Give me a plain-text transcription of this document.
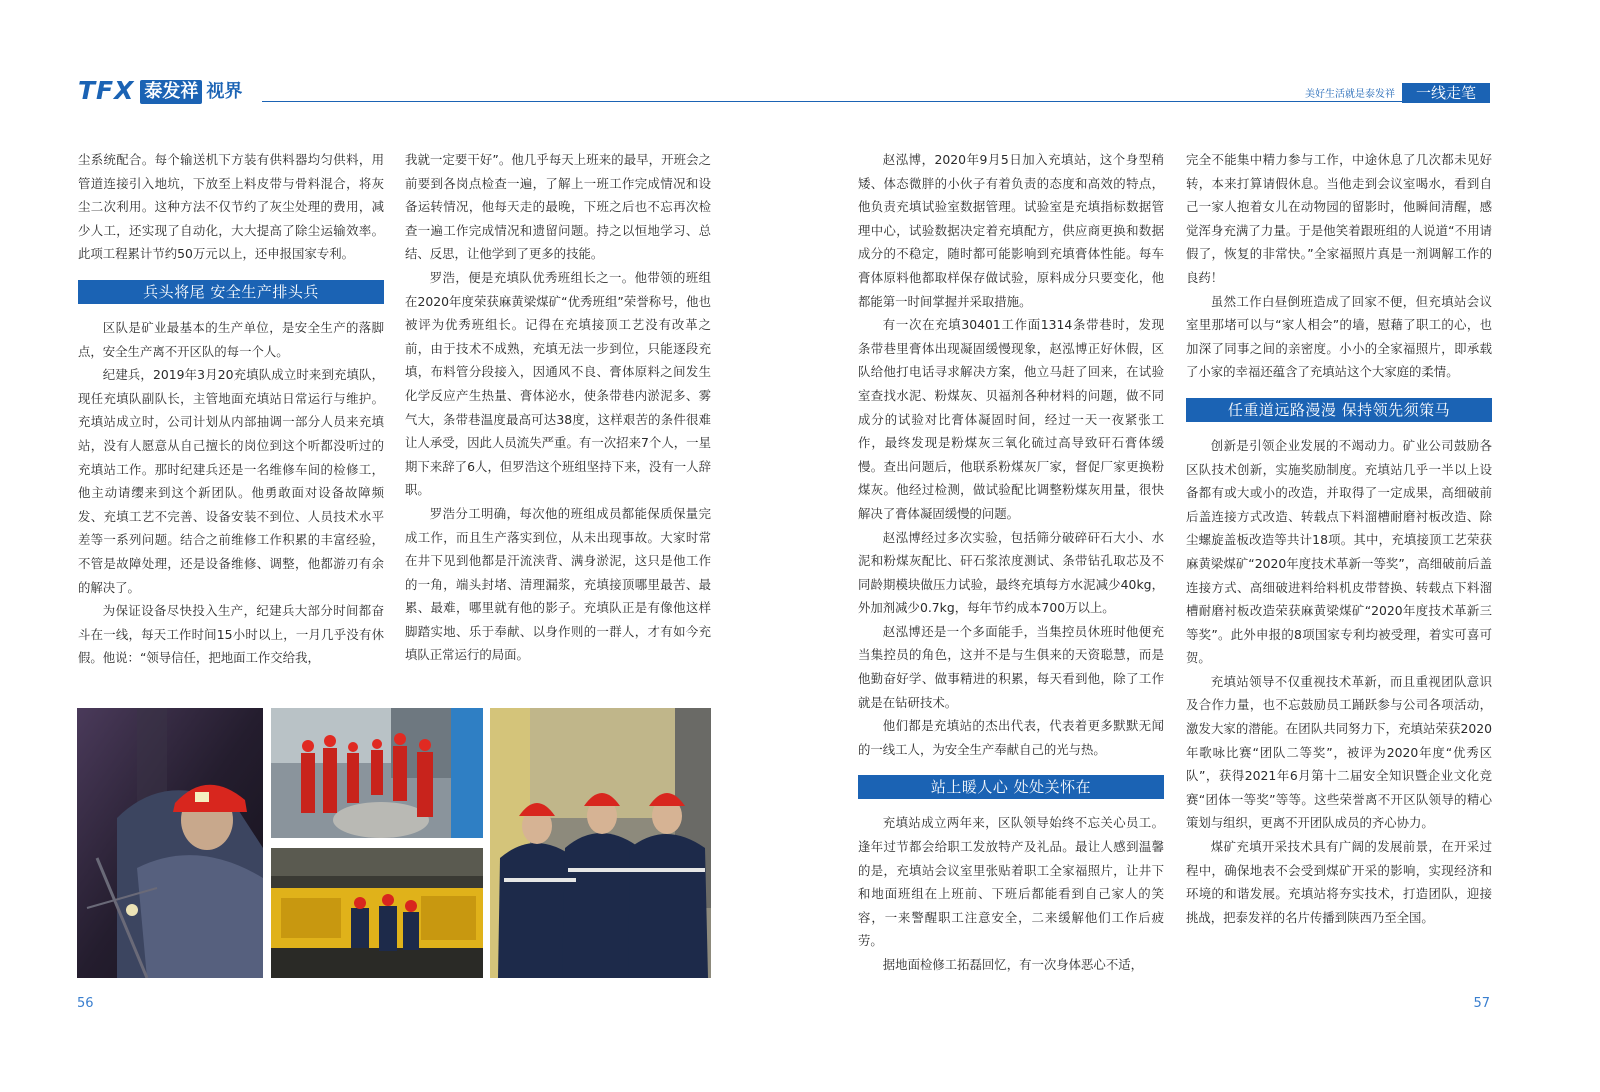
TFX 泰发祥 视界

尘系统配合。每个输送机下方装有供料器均匀供料，用管道连接引入地坑，下放至上料皮带与骨料混合，将灰尘二次利用。这种方法不仅节约了灰尘处理的费用，减少人工，还实现了自动化，大大提高了除尘运输效率。此项工程累计节约50万元以上，还申报国家专利。

兵头将尾 安全生产排头兵

区队是矿业最基本的生产单位，是安全生产的落脚点，安全生产离不开区队的每一个人。

纪建兵，2019年3月20充填队成立时来到充填队，现任充填队副队长，主管地面充填站日常运行与维护。充填站成立时，公司计划从内部抽调一部分人员来充填站，没有人愿意从自己擅长的岗位到这个听都没听过的充填站工作。那时纪建兵还是一名维修车间的检修工，他主动请缨来到这个新团队。他勇敢面对设备故障频发、充填工艺不完善、设备安装不到位、人员技术水平差等一系列问题。结合之前维修工作积累的丰富经验，不管是故障处理，还是设备维修、调整，他都游刃有余的解决了。

为保证设备尽快投入生产，纪建兵大部分时间都奋斗在一线，每天工作时间15小时以上，一月几乎没有休假。他说：“领导信任，把地面工作交给我，

我就一定要干好”。他几乎每天上班来的最早，开班会之前要到各岗点检查一遍，了解上一班工作完成情况和设备运转情况，他每天走的最晚，下班之后也不忘再次检查一遍工作完成情况和遗留问题。持之以恒地学习、总结、反思，让他学到了更多的技能。

罗浩，便是充填队优秀班组长之一。他带领的班组在2020年度荣获麻黄梁煤矿“优秀班组”荣誉称号，他也被评为优秀班组长。记得在充填接顶工艺没有改革之前，由于技术不成熟，充填无法一步到位，只能逐段充填，布料管分段接入，因通风不良、膏体原料之间发生化学反应产生热量、膏体泌水，使条带巷内淤泥多、雾气大，条带巷温度最高可达38度，这样艰苦的条件很难让人承受，因此人员流失严重。有一次招来7个人，一星期下来辞了6人，但罗浩这个班组坚持下来，没有一人辞职。

罗浩分工明确，每次他的班组成员都能保质保量完成工作，而且生产落实到位，从未出现事故。大家时常在井下见到他都是汗流浃背、满身淤泥，这只是他工作的一角，端头封堵、清理漏浆，充填接顶哪里最苦、最累、最难，哪里就有他的影子。充填队正是有像他这样脚踏实地、乐于奉献、以身作则的一群人，才有如今充填队正常运行的局面。

56
美好生活就是泰发祥	一线走笔

赵泓博，2020年9月5日加入充填站，这个身型稍矮、体态微胖的小伙子有着负责的态度和高效的特点，他负责充填试验室数据管理。试验室是充填指标数据管理中心，试验数据决定着充填配方，供应商更换和数据成分的不稳定，随时都可能影响到充填膏体性能。每车膏体原料他都取样保存做试验，原料成分只要变化，他都能第一时间掌握并采取措施。

有一次在充填30401工作面1314条带巷时，发现条带巷里膏体出现凝固缓慢现象，赵泓博正好休假，区队给他打电话寻求解决方案，他立马赶了回来，在试验室查找水泥、粉煤灰、贝福剂各种材料的问题，做不同成分的试验对比膏体凝固时间，经过一天一夜紧张工作，最终发现是粉煤灰三氧化硫过高导致矸石膏体缓慢。查出问题后，他联系粉煤灰厂家，督促厂家更换粉煤灰。他经过检测，做试验配比调整粉煤灰用量，很快解决了膏体凝固缓慢的问题。

赵泓博经过多次实验，包括筛分破碎矸石大小、水泥和粉煤灰配比、矸石浆浓度测试、条带钻孔取芯及不同龄期模块做压力试验，最终充填每方水泥减少40kg，外加剂减少0.7kg，每年节约成本700万以上。

赵泓博还是一个多面能手，当集控员休班时他便充当集控员的角色，这并不是与生俱来的天资聪慧，而是他勤奋好学、做事精进的积累，每天看到他，除了工作就是在钻研技术。

他们都是充填站的杰出代表，代表着更多默默无闻的一线工人，为安全生产奉献自己的光与热。

站上暖人心 处处关怀在

充填站成立两年来，区队领导始终不忘关心员工。逢年过节都会给职工发放特产及礼品。最让人感到温馨的是，充填站会议室里张贴着职工全家福照片，让井下和地面班组在上班前、下班后都能看到自己家人的笑容，一来警醒职工注意安全，二来缓解他们工作后疲劳。

据地面检修工拓磊回忆，有一次身体恶心不适，

完全不能集中精力参与工作，中途休息了几次都未见好转，本来打算请假休息。当他走到会议室喝水，看到自己一家人抱着女儿在动物园的留影时，他瞬间清醒，感觉浑身充满了力量。于是他笑着跟班组的人说道“不用请假了，恢复的非常快。”全家福照片真是一剂调解工作的良药！

虽然工作白昼倒班造成了回家不便，但充填站会议室里那堵可以与“家人相会”的墙，慰藉了职工的心，也加深了同事之间的亲密度。小小的全家福照片，即承载了小家的幸福还蕴含了充填站这个大家庭的柔情。

任重道远路漫漫 保持领先须策马

创新是引领企业发展的不竭动力。矿业公司鼓励各区队技术创新，实施奖励制度。充填站几乎一半以上设备都有或大或小的改造，并取得了一定成果，高细破前后盖连接方式改造、转载点下料溜槽耐磨衬板改造、除尘螺旋盖板改造等共计18项。其中，充填接顶工艺荣获麻黄梁煤矿“2020年度技术革新一等奖”，高细破前后盖连接方式、高细破进料给料机皮带替换、转载点下料溜槽耐磨衬板改造荣获麻黄梁煤矿“2020年度技术革新三等奖”。此外申报的8项国家专利均被受理，着实可喜可贺。

充填站领导不仅重视技术革新，而且重视团队意识及合作力量，也不忘鼓励员工踊跃参与公司各项活动，激发大家的潜能。在团队共同努力下，充填站荣获2020年歌咏比赛“团队二等奖”，被评为2020年度“优秀区队”，获得2021年6月第十二届安全知识暨企业文化竞赛“团体一等奖”等等。这些荣誉离不开区队领导的精心策划与组织，更离不开团队成员的齐心协力。

煤矿充填开采技术具有广阔的发展前景，在开采过程中，确保地表不会受到煤矿开采的影响，实现经济和环境的和谐发展。充填站将夯实技术，打造团队，迎接挑战，把泰发祥的名片传播到陕西乃至全国。

57
